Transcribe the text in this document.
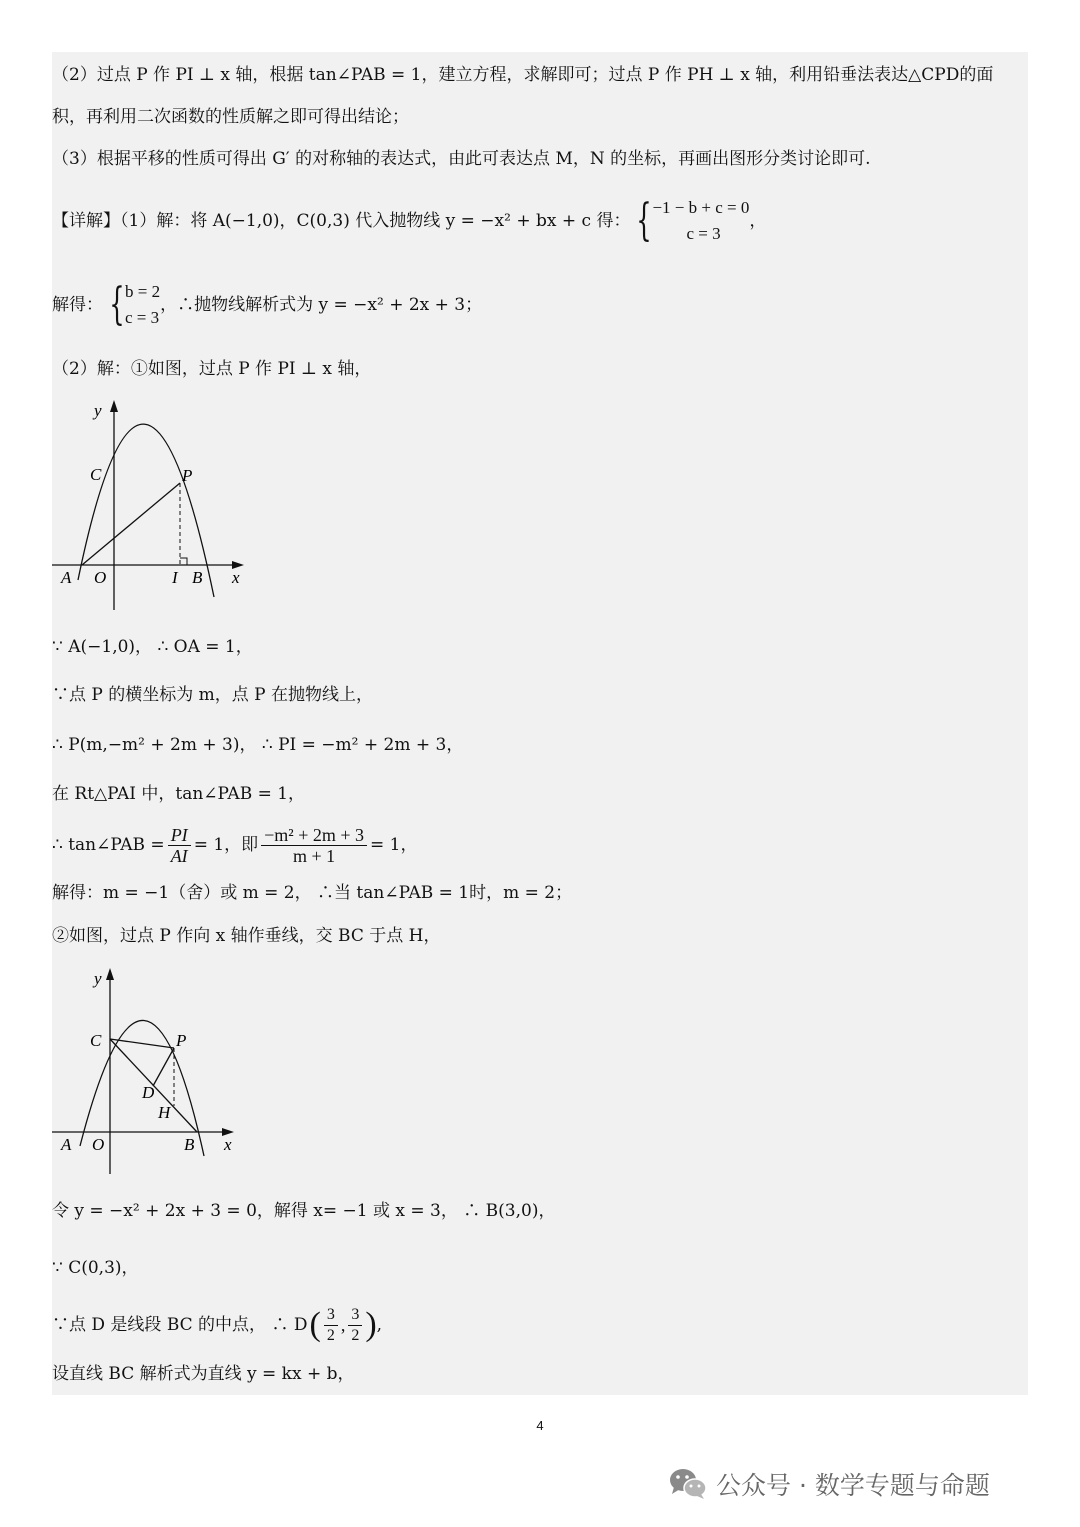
（2）过点 P 作 PI ⊥ x 轴，根据 tan∠PAB = 1，建立方程，求解即可；过点 P 作 PH ⊥ x 轴，利用铅垂法表达△CPD的面
积，再利用二次函数的性质解之即可得出结论；
（3）根据平移的性质可得出 G′ 的对称轴的表达式，由此可表达点 M，N 的坐标，再画出图形分类讨论即可.
【详解】（1）解：将 A(−1,0)，C(0,3) 代入抛物线 y = −x² + bx + c 得： { −1 − b + c = 0
c = 3
，
解得： { b = 2
c = 3
，∴抛物线解析式为 y = −x² + 2x + 3；
（2）解：①如图，过点 P 作 PI ⊥ x 轴，
y
C	P
A O	I B x
∵ A(−1,0)， ∴ OA = 1，
∵点 P 的横坐标为 m，点 P 在抛物线上，
∴ P(m,−m² + 2m + 3)， ∴ PI = −m² + 2m + 3，
在 Rt△PAI 中，tan∠PAB = 1，
∴ tan∠PAB = $\frac{PI}{AI} = 1$，即 $\frac{\text{−m² + 2m + 3}}{m + 1} = 1$，
解得：m = −1（舍）或 m = 2， ∴当 tan∠PAB = 1时，m = 2；
②如图，过点 P 作向 x 轴作垂线，交 BC 于点 H，
y
C	P
D
H
A O	B x
令 y = −x² + 2x + 3 = 0，解得 x= −1 或 x = 3， ∴ B(3,0)，
∵ C(0,3)，
∵点 D 是线段 BC 的中点， ∴ D ( $\frac{3}{2}$ , $\frac{3}{2}$ ) ,
设直线 BC 解析式为直线 y = kx + b，
4
公众号 · 数学专题与命题
